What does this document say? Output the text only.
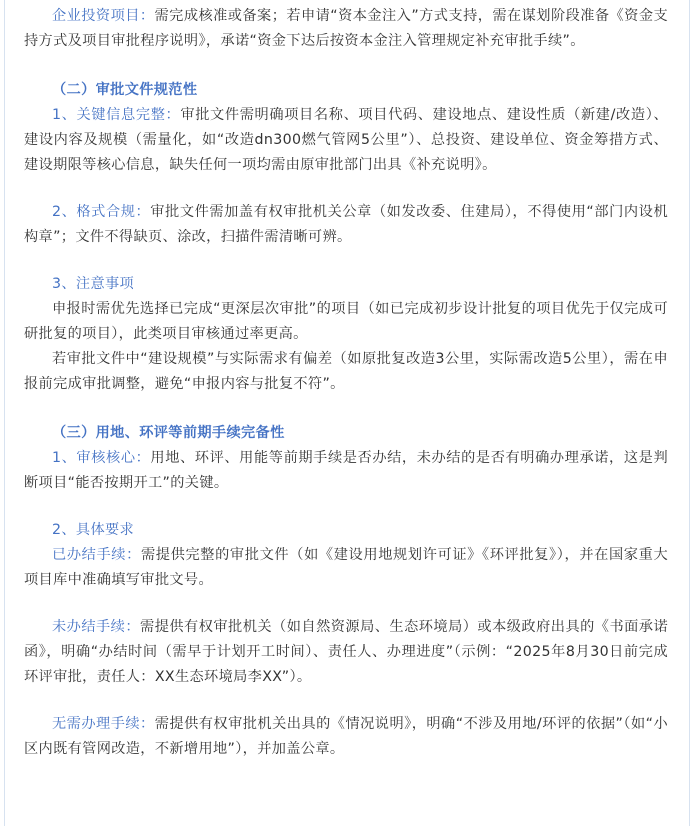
企业投资项目：需完成核准或备案；若申请“资本金注入”方式支持，需在谋划阶段准备《资金支持方式及项目审批程序说明》，承诺“资金下达后按资本金注入管理规定补充审批手续”。

（二）审批文件规范性

1、关键信息完整：审批文件需明确项目名称、项目代码、建设地点、建设性质（新建/改造）、建设内容及规模（需量化，如“改造dn300燃气管网5公里”）、总投资、建设单位、资金筹措方式、建设期限等核心信息，缺失任何一项均需由原审批部门出具《补充说明》。

2、格式合规：审批文件需加盖有权审批机关公章（如发改委、住建局），不得使用“部门内设机构章”；文件不得缺页、涂改，扫描件需清晰可辨。

3、注意事项

申报时需优先选择已完成“更深层次审批”的项目（如已完成初步设计批复的项目优先于仅完成可研批复的项目），此类项目审核通过率更高。

若审批文件中“建设规模”与实际需求有偏差（如原批复改造3公里，实际需改造5公里），需在申报前完成审批调整，避免“申报内容与批复不符”。

（三）用地、环评等前期手续完备性

1、审核核心：用地、环评、用能等前期手续是否办结，未办结的是否有明确办理承诺，这是判断项目“能否按期开工”的关键。

2、具体要求

已办结手续：需提供完整的审批文件（如《建设用地规划许可证》《环评批复》），并在国家重大项目库中准确填写审批文号。

未办结手续：需提供有权审批机关（如自然资源局、生态环境局）或本级政府出具的《书面承诺函》，明确“办结时间（需早于计划开工时间）、责任人、办理进度”（示例：“2025年8月30日前完成环评审批，责任人：XX生态环境局李XX”）。

无需办理手续：需提供有权审批机关出具的《情况说明》，明确“不涉及用地/环评的依据”（如“小区内既有管网改造，不新增用地”），并加盖公章。
